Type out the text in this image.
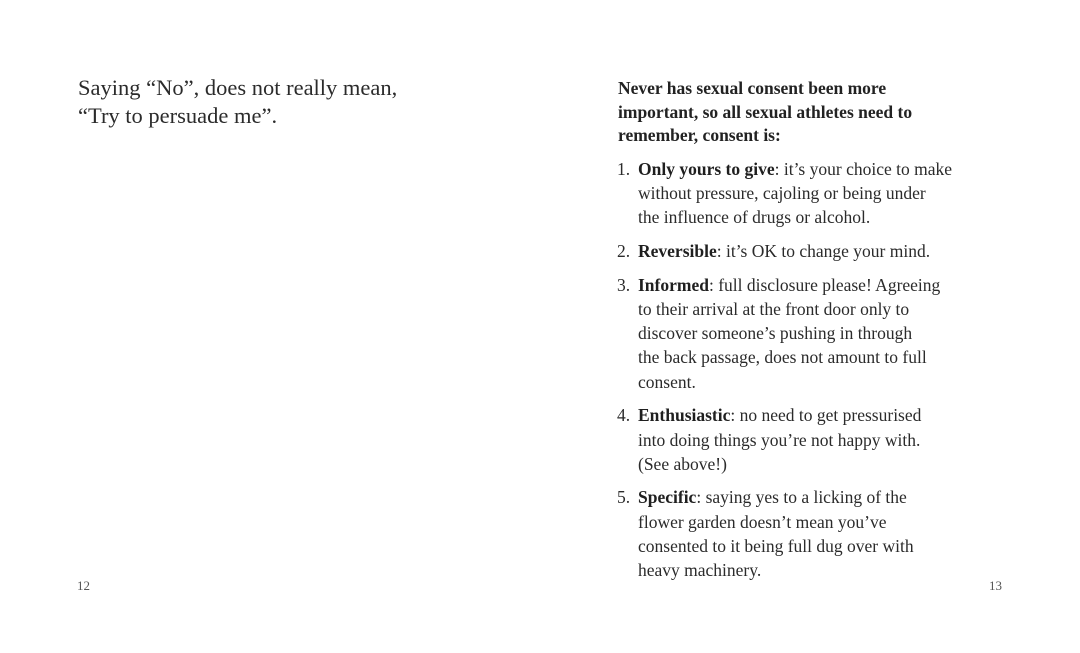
Saying “No”, does not really mean,
“Try to persuade me”.

12

Never has sexual consent been more
important, so all sexual athletes need to
remember, consent is:

1. Only yours to give: it’s your choice to make
without pressure, cajoling or being under
the influence of drugs or alcohol.
2. Reversible: it’s OK to change your mind.
3. Informed: full disclosure please! Agreeing
to their arrival at the front door only to
discover someone’s pushing in through
the back passage, does not amount to full
consent.
4. Enthusiastic: no need to get pressurised
into doing things you’re not happy with.
(See above!)
5. Specific: saying yes to a licking of the
flower garden doesn’t mean you’ve
consented to it being full dug over with
heavy machinery.
13
